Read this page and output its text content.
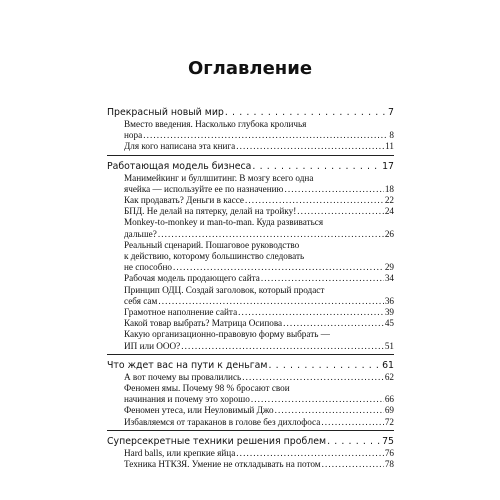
Оглавление
Прекрасный новый мир . . .	7
Вместо введения. Насколько глубока кроличья
нора . . .	8
Для кого написана эта книга . . .	11
Работающая модель бизнеса . . .	17
Манимейкинг и буллшитинг. В мозгу всего одна
ячейка — используйте ее по назначению . . .	18
Как продавать? Деньги в кассе . . .	22
БПД. Не делай на пятерку, делай на тройку! . . .	24
Monkey-to-monkey и man-to-man. Куда развиваться
дальше? . . .	26
Реальный сценарий. Пошаговое руководство
к действию, которому большинство следовать
не способно . . .	29
Рабочая модель продающего сайта . . .	34
Принцип ОДЦ. Создай заголовок, который продаст
себя сам . . .	36
Грамотное наполнение сайта . . .	39
Какой товар выбрать? Матрица Осипова . . .	45
Какую организационно-правовую форму выбрать —
ИП или ООО? . . .	51
Что ждет вас на пути к деньгам . . .	61
А вот почему вы провалились . . .	62
Феномен ямы. Почему 98 % бросают свои
начинания и почему это хорошо . . .	66
Феномен утеса, или Неуловимый Джо . . .	69
Избавляемся от тараканов в голове без дихлофоса . . .	72
Суперсекретные техники решения проблем . . .	75
Hard balls, или крепкие яйца . . .	76
Техника НТКЗЯ. Умение не откладывать на потом . . .	78
